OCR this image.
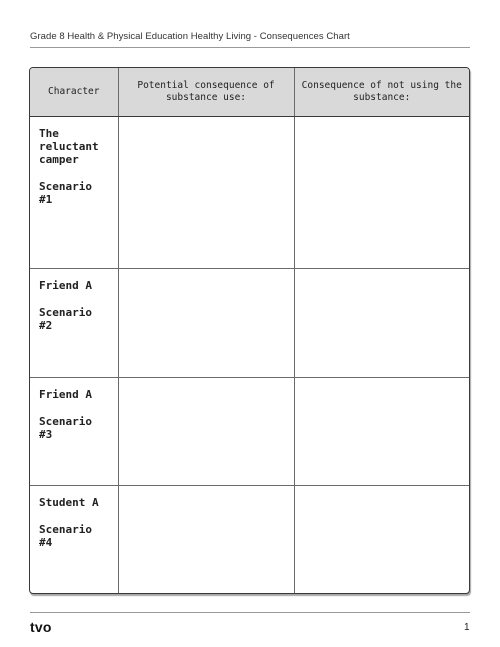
Grade 8 Health & Physical Education Healthy Living - Consequences Chart
Character	Potential consequence of substance use:	Consequence of not using the substance:

The reluctant camper
Scenario #1		

Friend A
Scenario #2		

Friend A
Scenario #3		

Student A
Scenario #4		

tvo	1
